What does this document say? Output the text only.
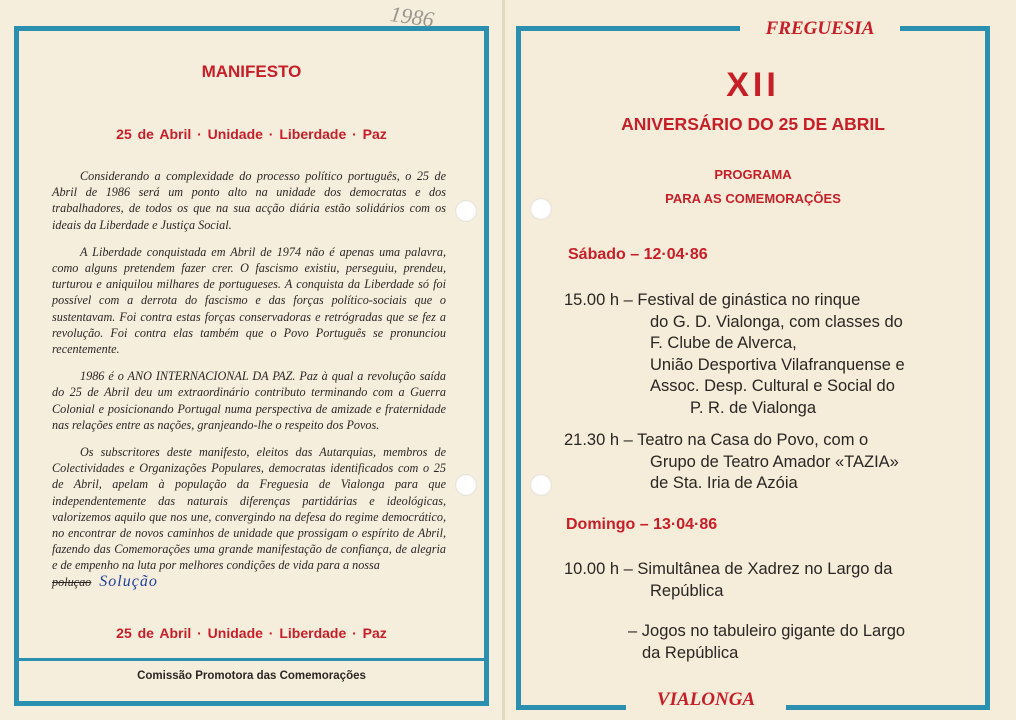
1986
MANIFESTO
25 de Abril · Unidade · Liberdade · Paz

Considerando a complexidade do processo político português, o 25 de Abril de 1986 será um ponto alto na unidade dos democratas e dos trabalhadores, de todos os que na sua acção diária estão solidários com os ideais da Liberdade e Justiça Social.

A Liberdade conquistada em Abril de 1974 não é apenas uma palavra, como alguns pretendem fazer crer. O fascismo existiu, perseguiu, prendeu, turturou e aniquilou milhares de portugueses. A conquista da Liberdade só foi possível com a derrota do fascismo e das forças político-sociais que o sustentavam. Foi contra estas forças conservadoras e retrógradas que se fez a revolução. Foi contra elas também que o Povo Português se pronunciou recentemente.

1986 é o ANO INTERNACIONAL DA PAZ. Paz à qual a revolução saída do 25 de Abril deu um extraordinário contributo terminando com a Guerra Colonial e posicionando Portugal numa perspectiva de amizade e fraternidade nas relações entre as nações, granjeando-lhe o respeito dos Povos.

Os subscritores deste manifesto, eleitos das Autarquias, membros de Colectividades e Organizações Populares, democratas identificados com o 25 de Abril, apelam à população da Freguesia de Vialonga para que independentemente das naturais diferenças partidárias e ideológicas, valorizemos aquilo que nos une, convergindo na defesa do regime democrático, no encontrar de novos caminhos de unidade que prossigam o espírito de Abril, fazendo das Comemorações uma grande manifestação de confiança, de alegria e de empenho na luta por melhores condições de vida para a nossa
poluçao Solução

25 de Abril · Unidade · Liberdade · Paz
Comissão Promotora das Comemorações
FREGUESIA
XII
ANIVERSÁRIO DO 25 DE ABRIL
PROGRAMA
PARA AS COMEMORAÇÕES
Sábado – 12·04·86
15.00 h – Festival de ginástica no rinque
do G. D. Vialonga, com classes do
F. Clube de Alverca,
União Desportiva Vilafranquense e
Assoc. Desp. Cultural e Social do
P. R. de Vialonga
21.30 h – Teatro na Casa do Povo, com o
Grupo de Teatro Amador «TAZIA»
de Sta. Iria de Azóia
Domingo – 13·04·86
10.00 h – Simultânea de Xadrez no Largo da
República
– Jogos no tabuleiro gigante do Largo
da República
VIALONGA
